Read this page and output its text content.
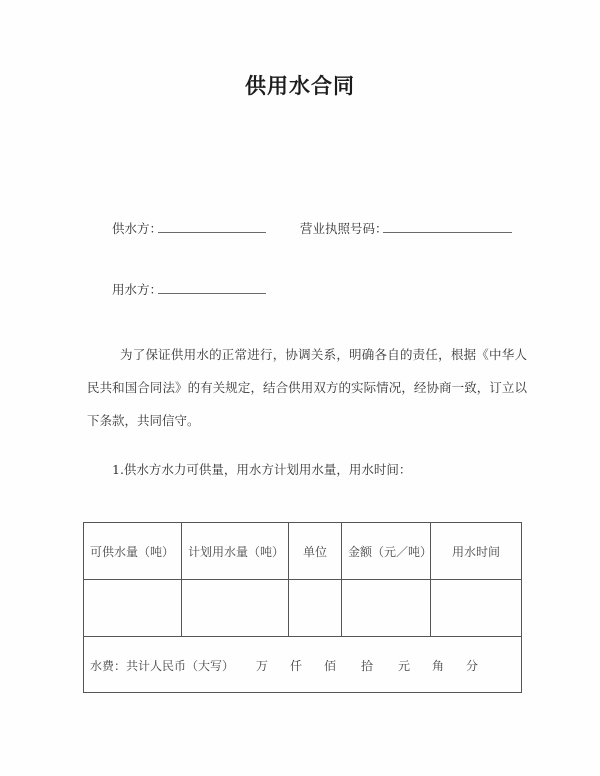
供用水合同
供水方：	营业执照号码：
用水方：
为了保证供用水的正常进行，协调关系，明确各自的责任，根据《中华人民共和国合同法》的有关规定，结合供用双方的实际情况，经协商一致，订立以下条款，共同信守。
1.供水方水力可供量，用水方计划用水量，用水时间：
可供水量（吨）	计划用水量（吨）	单位	金额（元／吨）	用水时间

水费：共计人民币（大写） 万 仟 佰 拾 元 角 分
